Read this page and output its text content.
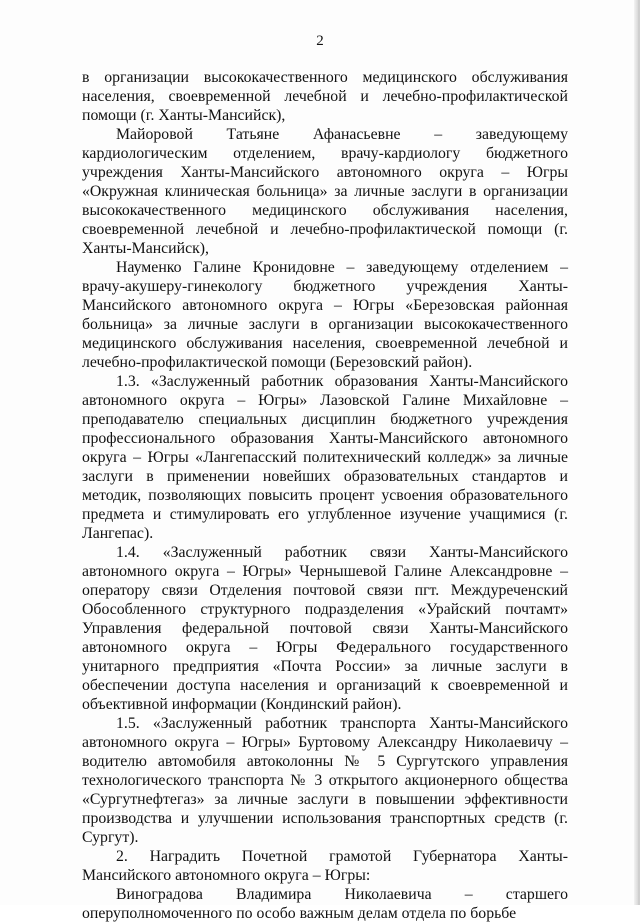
2

в организации высококачественного медицинского обслуживания населения, своевременной лечебной и лечебно-профилактической помощи (г. Ханты-Мансийск),

Майоровой Татьяне Афанасьевне – заведующему кардиологическим отделением, врачу-кардиологу бюджетного учреждения Ханты-Мансийского автономного округа – Югры «Окружная клиническая больница» за личные заслуги в организации высококачественного медицинского обслуживания населения, своевременной лечебной и лечебно-профилактической помощи (г. Ханты-Мансийск),

Науменко Галине Кронидовне – заведующему отделением – врачу-акушеру-гинекологу бюджетного учреждения Ханты-Мансийского автономного округа – Югры «Березовская районная больница» за личные заслуги в организации высококачественного медицинского обслуживания населения, своевременной лечебной и лечебно-профилактической помощи (Березовский район).

1.3. «Заслуженный работник образования Ханты-Мансийского автономного округа – Югры» Лазовской Галине Михайловне – преподавателю специальных дисциплин бюджетного учреждения профессионального образования Ханты-Мансийского автономного округа – Югры «Лангепасский политехнический колледж» за личные заслуги в применении новейших образовательных стандартов и методик, позволяющих повысить процент усвоения образовательного предмета и стимулировать его углубленное изучение учащимися (г. Лангепас).

1.4. «Заслуженный работник связи Ханты-Мансийского автономного округа – Югры» Чернышевой Галине Александровне – оператору связи Отделения почтовой связи пгт. Междуреченский Обособленного структурного подразделения «Урайский почтамт» Управления федеральной почтовой связи Ханты-Мансийского автономного округа – Югры Федерального государственного унитарного предприятия «Почта России» за личные заслуги в обеспечении доступа населения и организаций к своевременной и объективной информации (Кондинский район).

1.5. «Заслуженный работник транспорта Ханты-Мансийского автономного округа – Югры» Буртовому Александру Николаевичу – водителю автомобиля автоколонны № 5 Сургутского управления технологического транспорта № 3 открытого акционерного общества «Сургутнефтегаз» за личные заслуги в повышении эффективности производства и улучшении использования транспортных средств (г. Сургут).

2. Наградить Почетной грамотой Губернатора Ханты-Мансийского автономного округа – Югры:

Виноградова Владимира Николаевича – старшего оперуполномоченного по особо важным делам отдела по борьбе
